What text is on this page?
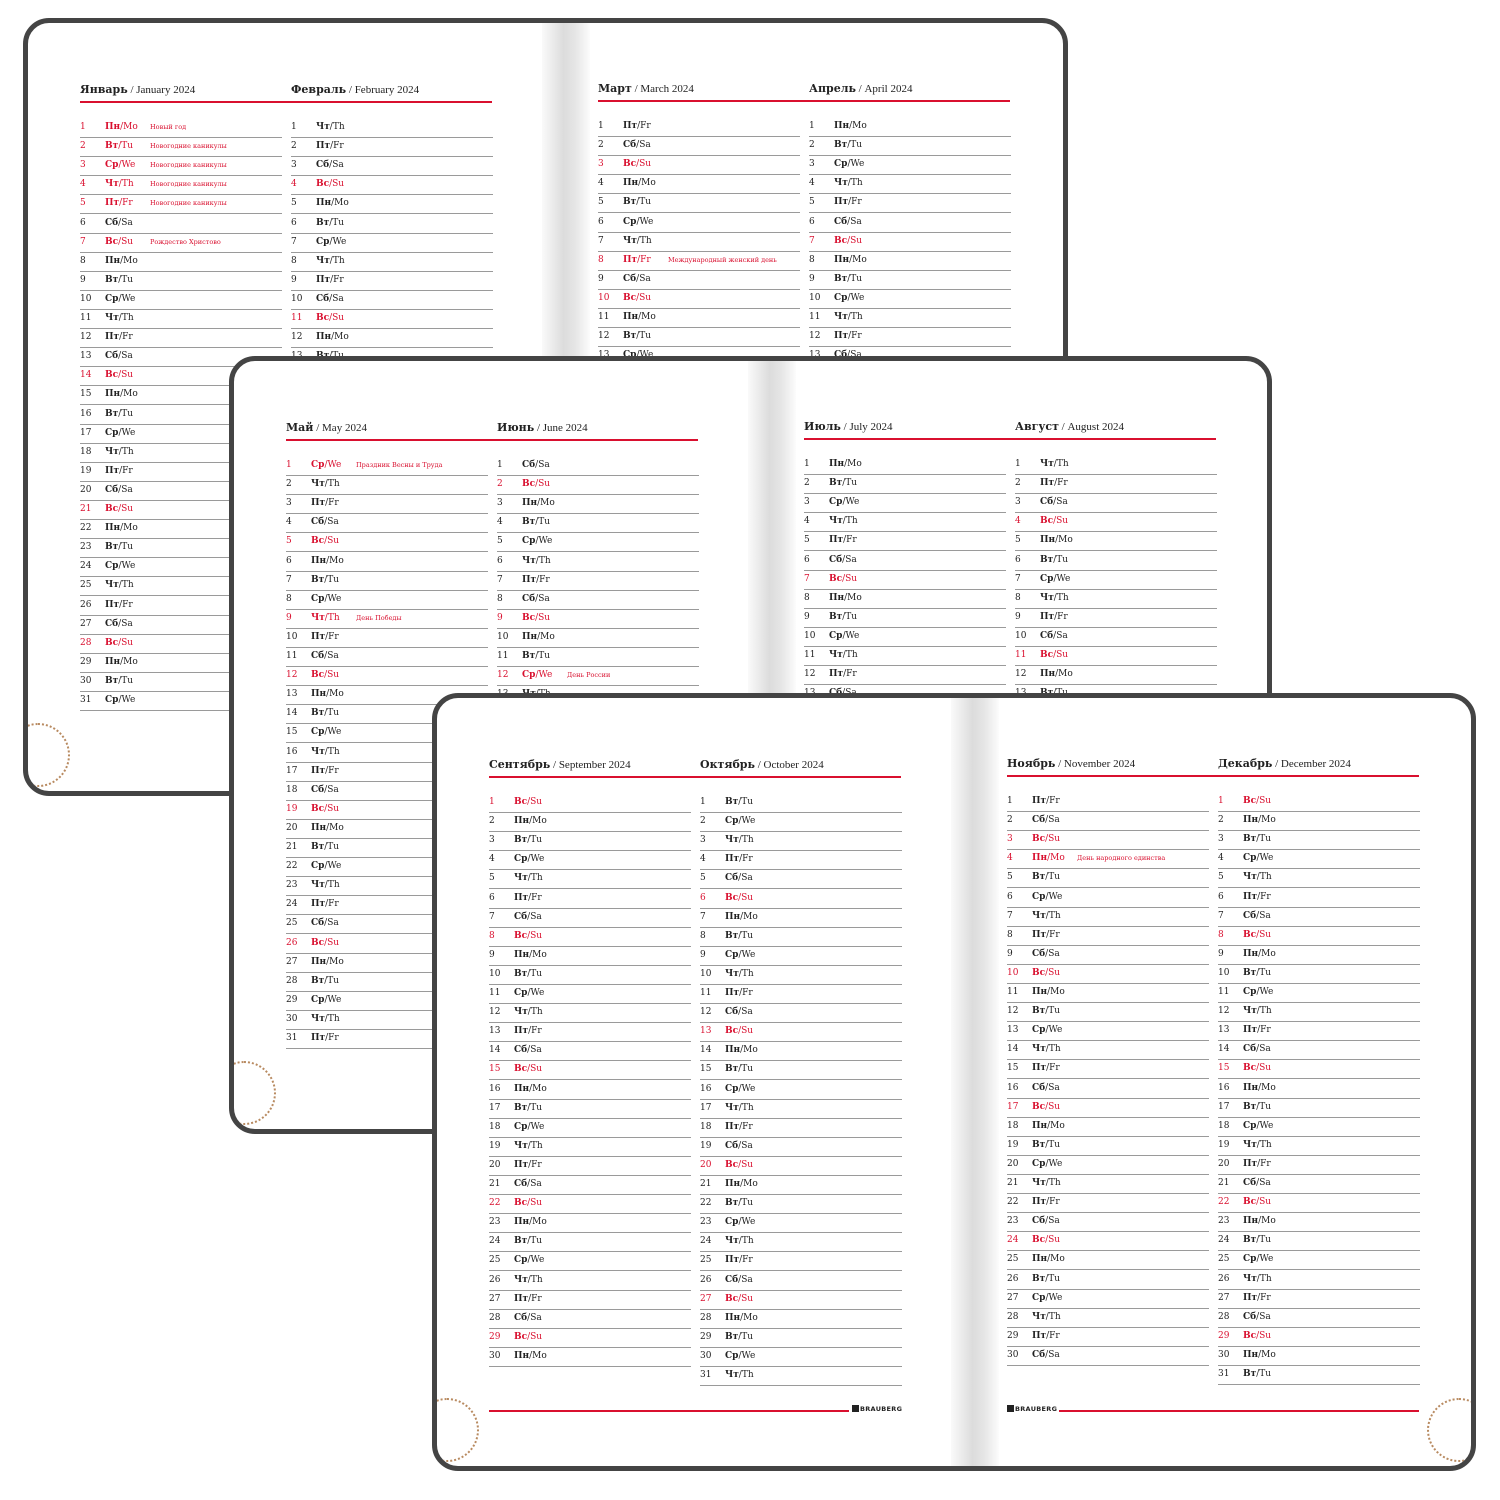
Январь / January 2024
1 Пн/Mo Новый год
2 Вт/Tu	Новогодние каникулы
3 Ср/We Новогодние каникулы
4 Чт/Th	Новогодние каникулы
5 Пт/Fr	Новогодние каникулы
6 Сб/Sa
7 Вс/Su	Рождество Христово
8 Пн/Mo
9 Вт/Tu
10 Ср/We
11 Чт/Th
12 Пт/Fr
13 Сб/Sa
14 Вс/Su
15 Пн/Mo
16 Вт/Tu
17 Ср/We
18 Чт/Th
19 Пт/Fr
20 Сб/Sa
21 Вс/Su
22 Пн/Mo
23 Вт/Tu
24 Ср/We
25 Чт/Th
26 Пт/Fr
27 Сб/Sa
28 Вс/Su
29 Пн/Mo
30 Вт/Tu
31 Ср/We
Февраль / February 2024
1 Чт/Th
2 Пт/Fr
3 Сб/Sa
4 Вс/Su
5 Пн/Mo
6 Вт/Tu
7 Ср/We
8 Чт/Th
9 Пт/Fr
10 Сб/Sa
11 Вс/Su
12 Пн/Mo
Март / March 2024
1 Пт/Fr
2 Сб/Sa
3 Вс/Su
4 Пн/Mo
5 Вт/Tu
6 Ср/We
7 Чт/Th
8 Пт/Fr	Международный женский день
9 Сб/Sa
10 Вс/Su
11 Пн/Mo
12 Вт/Tu
Апрель / April 2024
1 Пн/Mo
2 Вт/Tu
3 Ср/We
4 Чт/Th
5 Пт/Fr
6 Сб/Sa
7 Вс/Su
8 Пн/Mo
9 Вт/Tu
10 Ср/We
11 Чт/Th
12 Пт/Fr
Май / May 2024
1 Ср/We Праздник Весны и Труда
2 Чт/Th
3 Пт/Fr
4 Сб/Sa
5 Вс/Su
6 Пн/Mo
7 Вт/Tu
8 Ср/We
9 Чт/Th	День Победы
10 Пт/Fr
11 Сб/Sa
12 Вс/Su
13 Пн/Mo
14 Вт/Tu
15 Ср/We
16 Чт/Th
17 Пт/Fr
18 Сб/Sa
19 Вс/Su
20 Пн/Mo
21 Вт/Tu
22 Ср/We
23 Чт/Th
24 Пт/Fr
25 Сб/Sa
26 Вс/Su
27 Пн/Mo
28 Вт/Tu
29 Ср/We
30 Чт/Th
31 Пт/Fr
Июнь / June 2024
1 Сб/Sa
2 Вс/Su
3 Пн/Mo
4 Вт/Tu
5 Ср/We
6 Чт/Th
7 Пт/Fr
8 Сб/Sa
9 Вс/Su
10 Пн/Mo
11 Вт/Tu
12 Ср/We День России
Июль / July 2024
1 Пн/Mo
2 Вт/Tu
3 Ср/We
4 Чт/Th
5 Пт/Fr
6 Сб/Sa
7 Вс/Su
8 Пн/Mo
9 Вт/Tu
10 Ср/We
11 Чт/Th
12 Пт/Fr
Август / August 2024
1 Чт/Th
2 Пт/Fr
3 Сб/Sa
4 Вс/Su
5 Пн/Mo
6 Вт/Tu
7 Ср/We
8 Чт/Th
9 Пт/Fr
10 Сб/Sa
11 Вс/Su
12 Пн/Mo
BRAUBERG	BRAUBERG
Сентябрь / September 2024
1 Вс/Su
2 Пн/Mo
3 Вт/Tu
4 Ср/We
5 Чт/Th
6 Пт/Fr
7 Сб/Sa
8 Вс/Su
9 Пн/Mo
10 Вт/Tu
11 Ср/We
12 Чт/Th
13 Пт/Fr
14 Сб/Sa
15 Вс/Su
16 Пн/Mo
17 Вт/Tu
18 Ср/We
19 Чт/Th
20 Пт/Fr
21 Сб/Sa
22 Вс/Su
23 Пн/Mo
24 Вт/Tu
25 Ср/We
26 Чт/Th
27 Пт/Fr
28 Сб/Sa
29 Вс/Su
30 Пн/Mo
Октябрь / October 2024
1 Вт/Tu
2 Ср/We
3 Чт/Th
4 Пт/Fr
5 Сб/Sa
6 Вс/Su
7 Пн/Mo
8 Вт/Tu
9 Ср/We
10 Чт/Th
11 Пт/Fr
12 Сб/Sa
13 Вс/Su
14 Пн/Mo
15 Вт/Tu
16 Ср/We
17 Чт/Th
18 Пт/Fr
19 Сб/Sa
20 Вс/Su
21 Пн/Mo
22 Вт/Tu
23 Ср/We
24 Чт/Th
25 Пт/Fr
26 Сб/Sa
27 Вс/Su
28 Пн/Mo
29 Вт/Tu
30 Ср/We
31 Чт/Th
Ноябрь / November 2024
1 Пт/Fr
2 Сб/Sa
3 Вс/Su
4 Пн/Mo День народного единства
5 Вт/Tu
6 Ср/We
7 Чт/Th
8 Пт/Fr
9 Сб/Sa
10 Вс/Su
11 Пн/Mo
12 Вт/Tu
13 Ср/We
14 Чт/Th
15 Пт/Fr
16 Сб/Sa
17 Вс/Su
18 Пн/Mo
19 Вт/Tu
20 Ср/We
21 Чт/Th
22 Пт/Fr
23 Сб/Sa
24 Вс/Su
25 Пн/Mo
26 Вт/Tu
27 Ср/We
28 Чт/Th
29 Пт/Fr
30 Сб/Sa
Декабрь / December 2024
1 Вс/Su
2 Пн/Mo
3 Вт/Tu
4 Ср/We
5 Чт/Th
6 Пт/Fr
7 Сб/Sa
8 Вс/Su
9 Пн/Mo
10 Вт/Tu
11 Ср/We
12 Чт/Th
13 Пт/Fr
14 Сб/Sa
15 Вс/Su
16 Пн/Mo
17 Вт/Tu
18 Ср/We
19 Чт/Th
20 Пт/Fr
21 Сб/Sa
22 Вс/Su
23 Пн/Mo
24 Вт/Tu
25 Ср/We
26 Чт/Th
27 Пт/Fr
28 Сб/Sa
29 Вс/Su
30 Пн/Mo
31 Вт/Tu
